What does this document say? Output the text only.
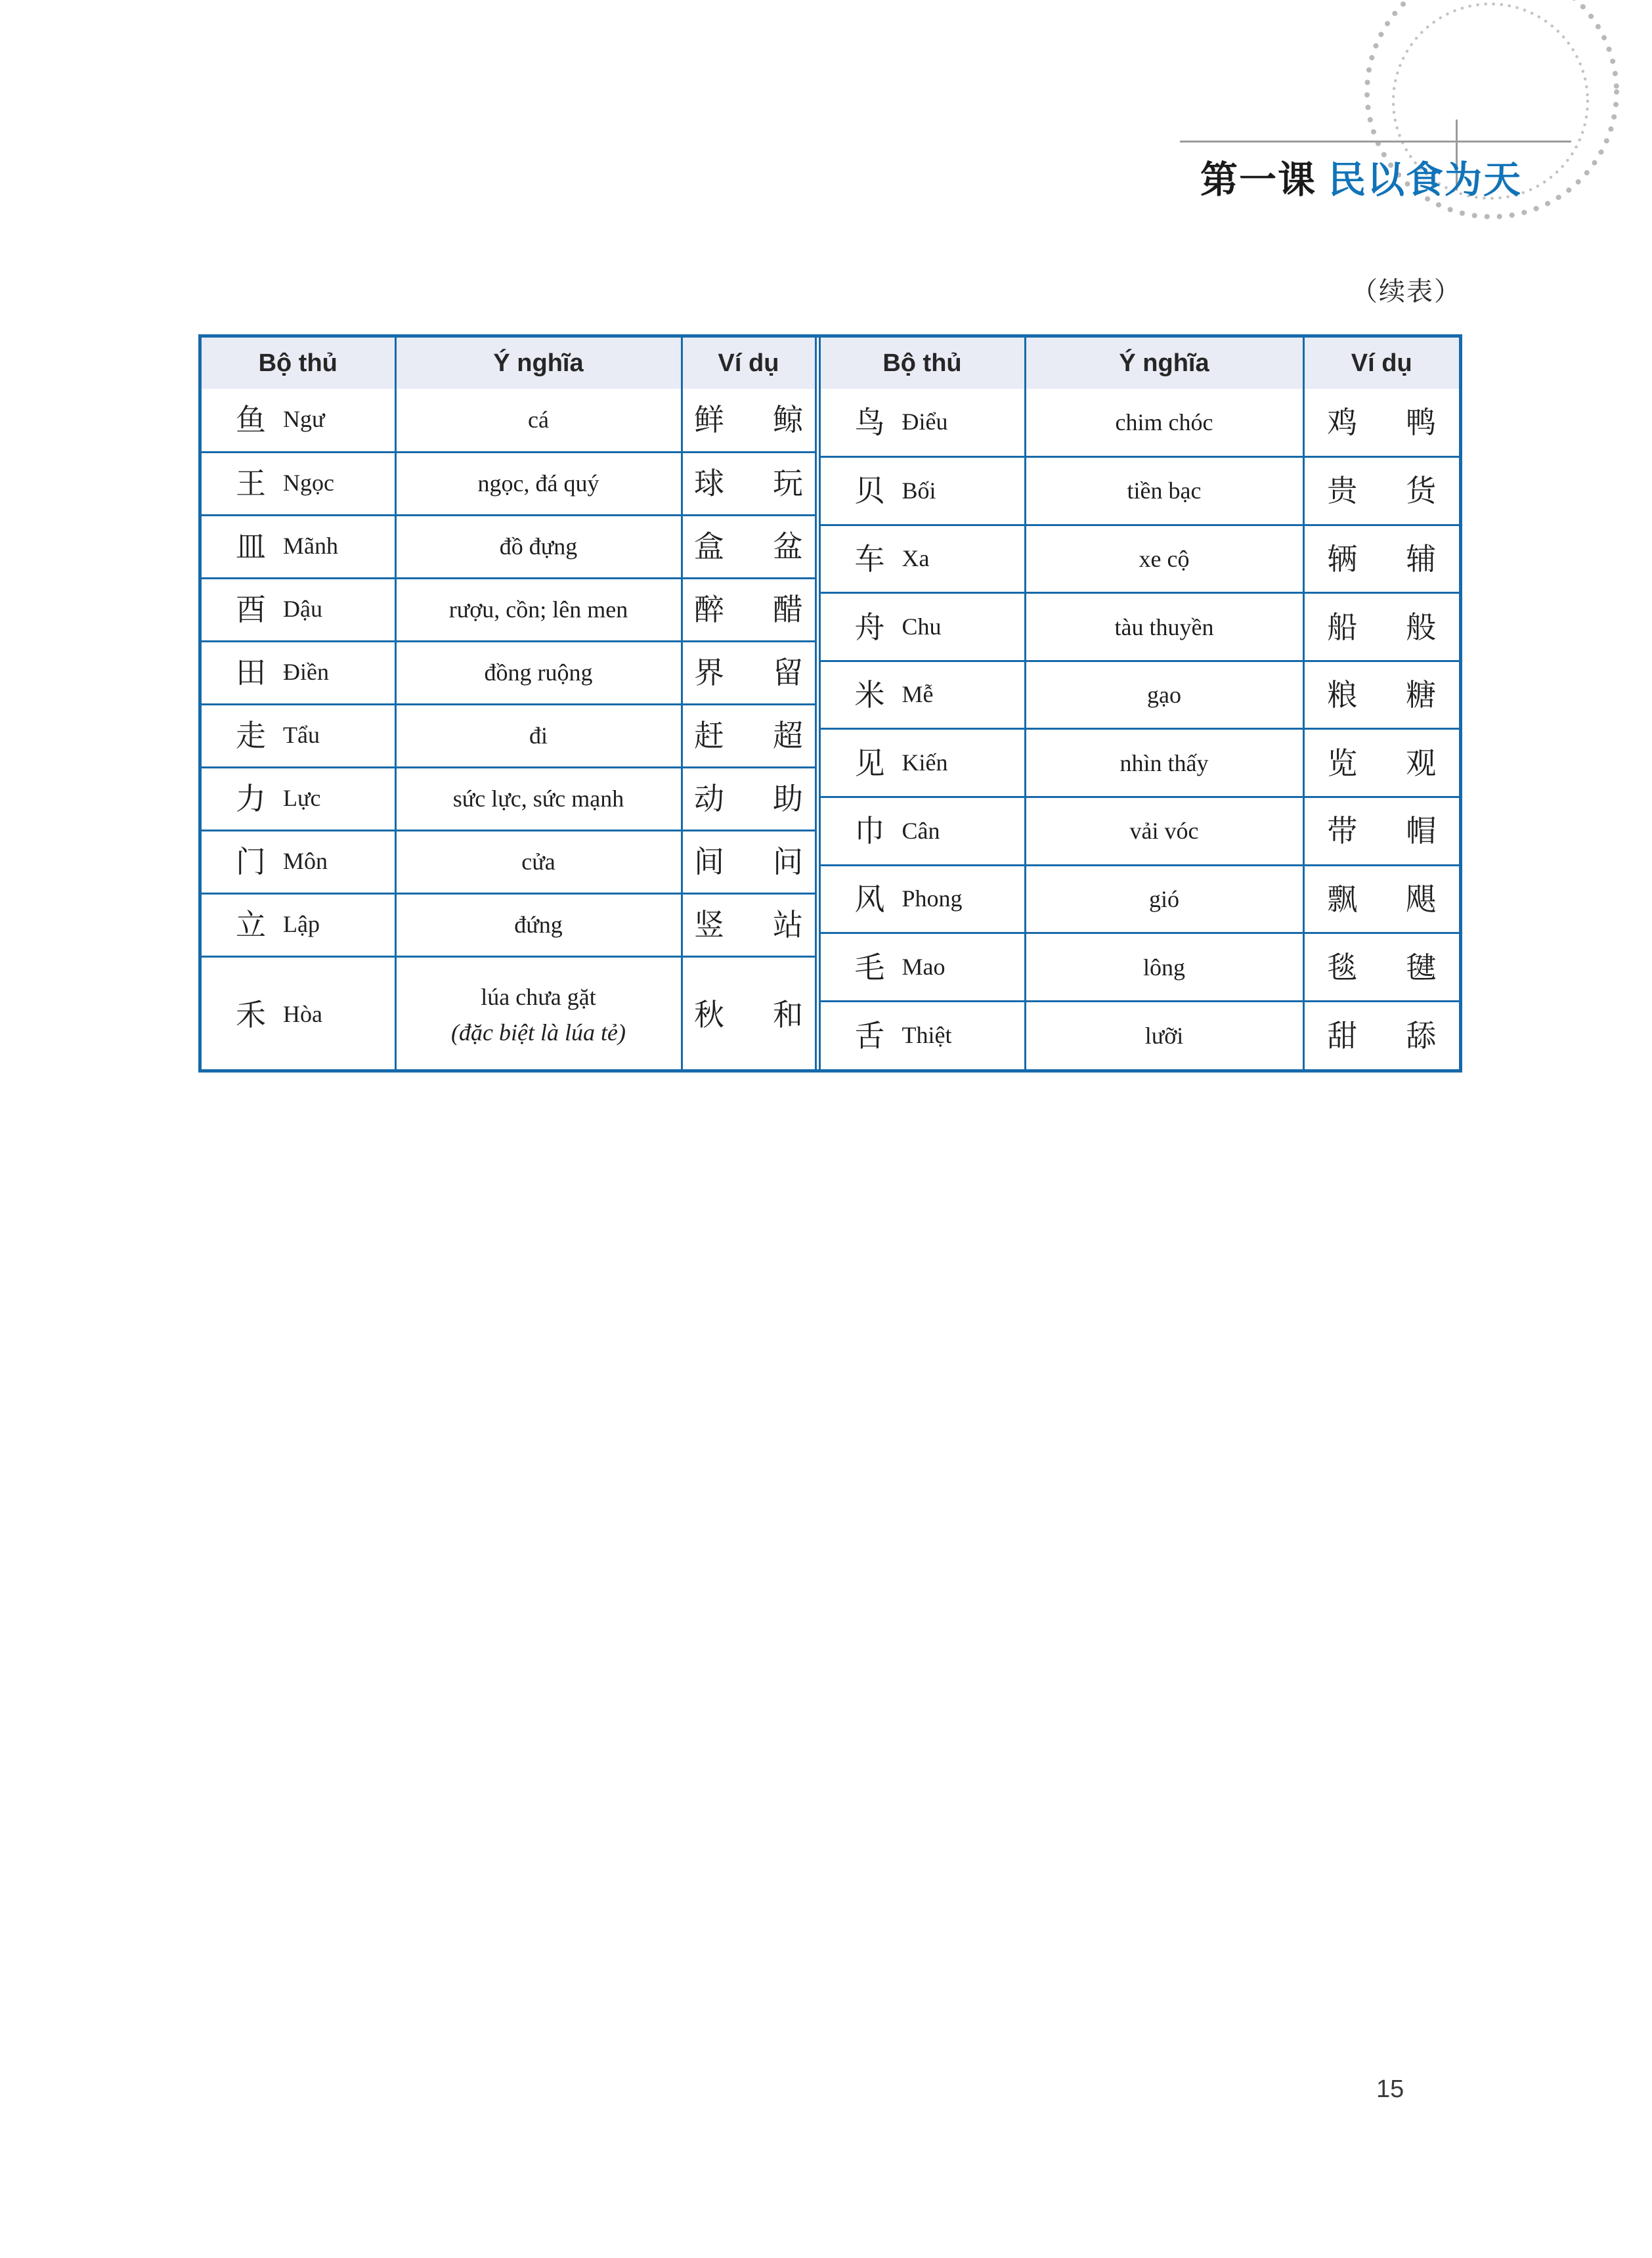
第一课 民以食为天
（续表）
Bộ thủ	Ý nghĩa	Ví dụ

鱼 Ngư	cá	鲜 鲸

王 Ngọc	ngọc, đá quý	球 玩

皿 Mãnh	đồ đựng	盒 盆

酉 Dậu	rượu, cồn; lên men	醉 醋

田 Điền	đồng ruộng	界 留

走 Tẩu	đi	赶 超

力 Lực	sức lực, sức mạnh	动 助

门 Môn	cửa	间 问

立 Lập	đứng	竖 站

禾 Hòa	lúa chưa gặt
(đặc biệt là lúa tẻ)	秋 和
Bộ thủ	Ý nghĩa	Ví dụ

鸟 Điểu	chim chóc	鸡 鸭

贝 Bối	tiền bạc	贵 货

车 Xa	xe cộ	辆 辅

舟 Chu	tàu thuyền	船 般

米 Mễ	gạo	粮 糖

见 Kiến	nhìn thấy	览 观

巾 Cân	vải vóc	带 帽

风 Phong	gió	飘 飓

毛 Mao	lông	毯 毽

舌 Thiệt	lưỡi	甜 舔
15
